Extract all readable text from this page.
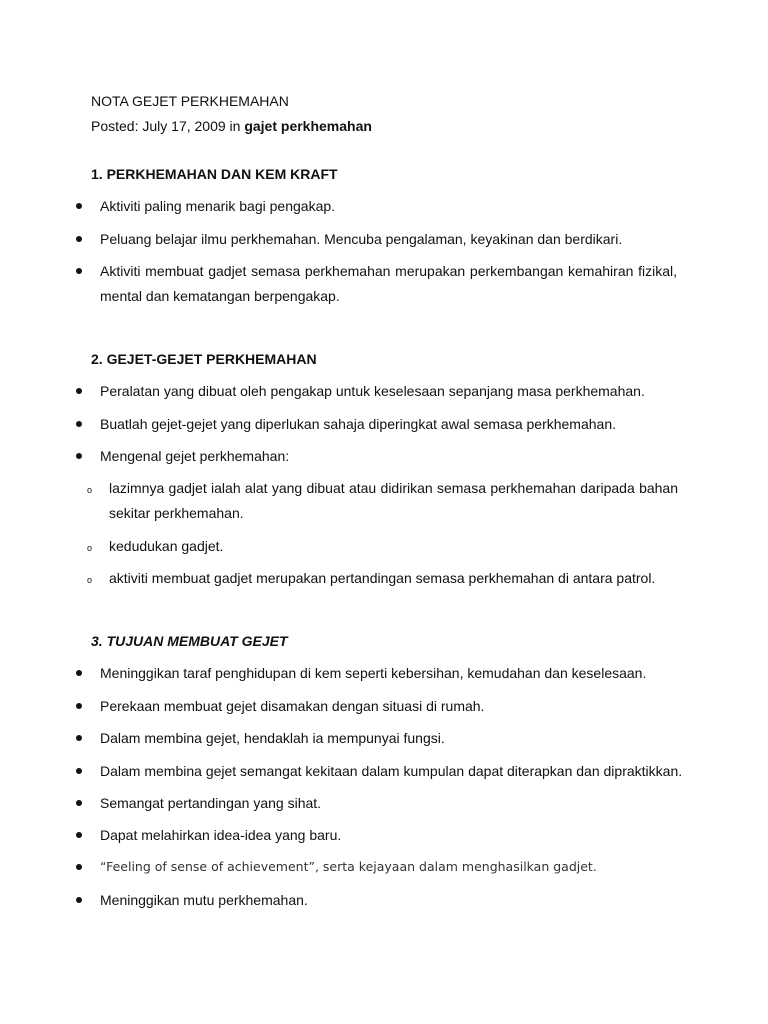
NOTA GEJET PERKHEMAHAN
Posted: July 17, 2009 in gajet perkhemahan
1. PERKHEMAHAN DAN KEM KRAFT
Aktiviti paling menarik bagi pengakap.
Peluang belajar ilmu perkhemahan. Mencuba pengalaman, keyakinan dan berdikari.
Aktiviti membuat gadjet semasa perkhemahan merupakan perkembangan kemahiran fizikal,
mental dan kematangan berpengakap.
2. GEJET-GEJET PERKHEMAHAN
Peralatan yang dibuat oleh pengakap untuk keselesaan sepanjang masa perkhemahan.
Buatlah gejet-gejet yang diperlukan sahaja diperingkat awal semasa perkhemahan.
Mengenal gejet perkhemahan:
o lazimnya gadjet ialah alat yang dibuat atau didirikan semasa perkhemahan daripada bahan
sekitar perkhemahan.
o kedudukan gadjet.
o aktiviti membuat gadjet merupakan pertandingan semasa perkhemahan di antara patrol.
3. TUJUAN MEMBUAT GEJET
Meninggikan taraf penghidupan di kem seperti kebersihan, kemudahan dan keselesaan.
Perekaan membuat gejet disamakan dengan situasi di rumah.
Dalam membina gejet, hendaklah ia mempunyai fungsi.
Dalam membina gejet semangat kekitaan dalam kumpulan dapat diterapkan dan dipraktikkan.
Semangat pertandingan yang sihat.
Dapat melahirkan idea-idea yang baru.
“Feeling of sense of achievement”, serta kejayaan dalam menghasilkan gadjet.
Meninggikan mutu perkhemahan.
